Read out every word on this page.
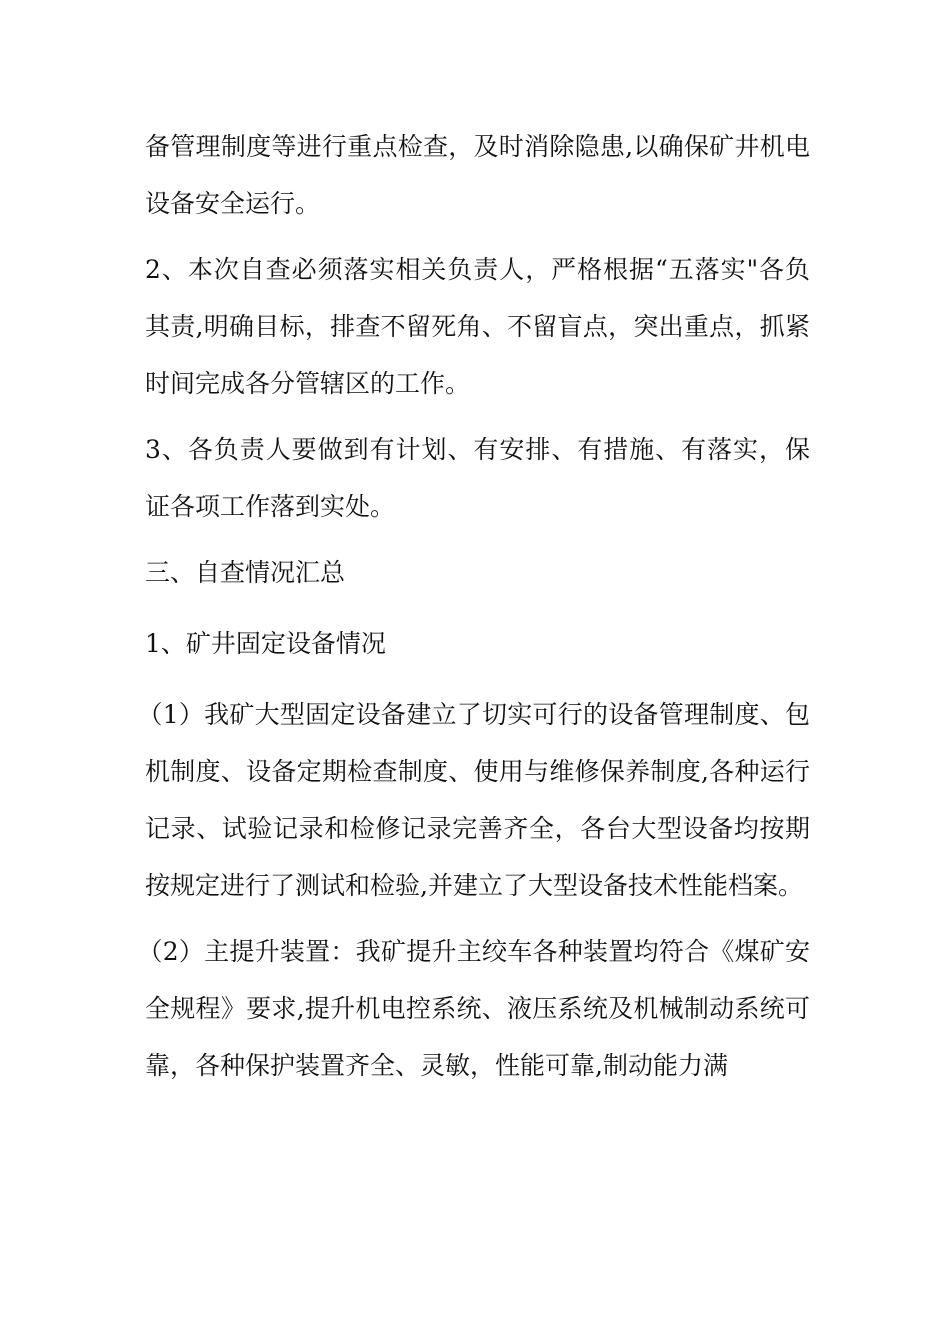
备管理制度等进行重点检查，及时消除隐患,以确保矿井机电设备安全运行。

2、本次自查必须落实相关负责人，严格根据“五落实"各负其责,明确目标，排查不留死角、不留盲点，突出重点，抓紧时间完成各分管辖区的工作。

3、各负责人要做到有计划、有安排、有措施、有落实，保证各项工作落到实处。

三、自查情况汇总

1、矿井固定设备情况

（1）我矿大型固定设备建立了切实可行的设备管理制度、包机制度、设备定期检查制度、使用与维修保养制度,各种运行记录、试验记录和检修记录完善齐全，各台大型设备均按期按规定进行了测试和检验,并建立了大型设备技术性能档案。

（2）主提升装置：我矿提升主绞车各种装置均符合《煤矿安全规程》要求,提升机电控系统、液压系统及机械制动系统可靠，各种保护装置齐全、灵敏，性能可靠,制动能力满
